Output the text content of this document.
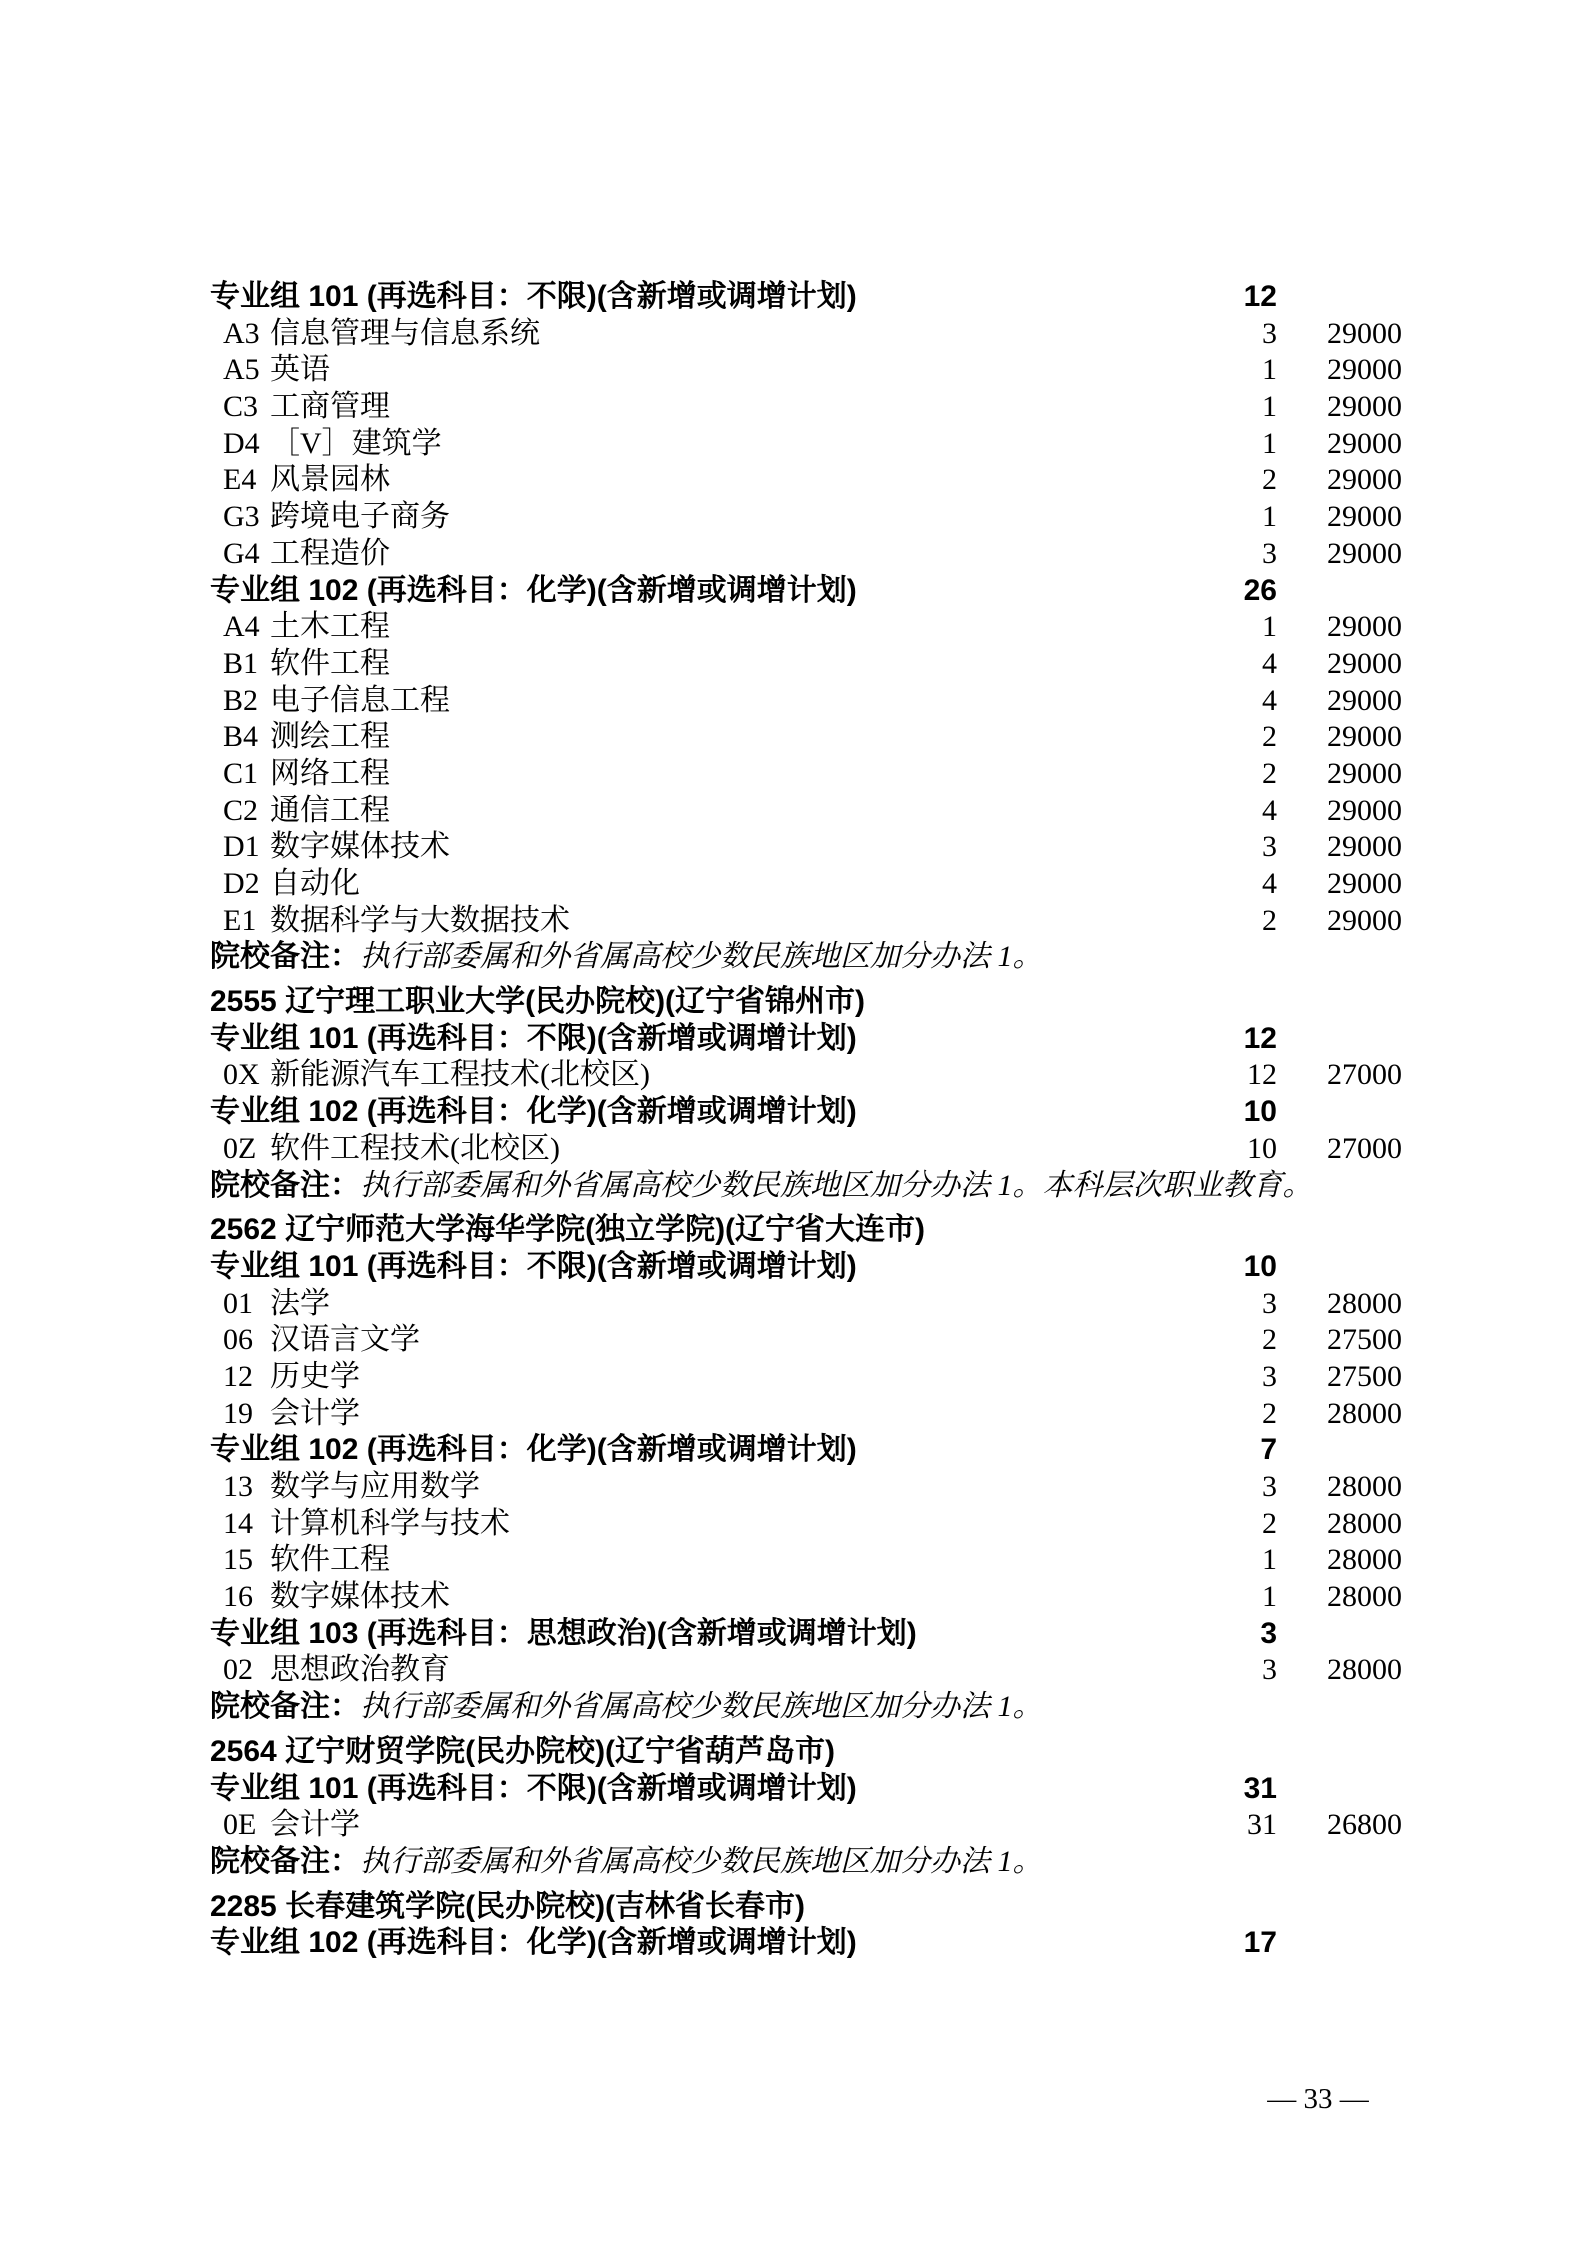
专业组 101 (再选科目：不限)(含新增或调增计划)	12
A3 信息管理与信息系统	3	29000
A5 英语	1	29000
C3 工商管理	1	29000
D4 ［V］建筑学	1	29000
E4 风景园林	2	29000
G3 跨境电子商务	1	29000
G4 工程造价	3	29000
专业组 102 (再选科目：化学)(含新增或调增计划)	26
A4 土木工程	1	29000
B1 软件工程	4	29000
B2 电子信息工程	4	29000
B4 测绘工程	2	29000
C1 网络工程	2	29000
C2 通信工程	4	29000
D1 数字媒体技术	3	29000
D2 自动化	4	29000
E1 数据科学与大数据技术	2	29000
院校备注：执行部委属和外省属高校少数民族地区加分办法 1。
2555 辽宁理工职业大学(民办院校)(辽宁省锦州市)
专业组 101 (再选科目：不限)(含新增或调增计划)	12
0X 新能源汽车工程技术(北校区)	12	27000
专业组 102 (再选科目：化学)(含新增或调增计划)	10
0Z 软件工程技术(北校区)	10	27000
院校备注：执行部委属和外省属高校少数民族地区加分办法 1。本科层次职业教育。
2562 辽宁师范大学海华学院(独立学院)(辽宁省大连市)
专业组 101 (再选科目：不限)(含新增或调增计划)	10
01 法学	3	28000
06 汉语言文学	2	27500
12 历史学	3	27500
19 会计学	2	28000
专业组 102 (再选科目：化学)(含新增或调增计划)	7
13 数学与应用数学	3	28000
14 计算机科学与技术	2	28000
15 软件工程	1	28000
16 数字媒体技术	1	28000
专业组 103 (再选科目：思想政治)(含新增或调增计划)	3
02 思想政治教育	3	28000
院校备注：执行部委属和外省属高校少数民族地区加分办法 1。
2564 辽宁财贸学院(民办院校)(辽宁省葫芦岛市)
专业组 101 (再选科目：不限)(含新增或调增计划)	31
0E 会计学	31	26800
院校备注：执行部委属和外省属高校少数民族地区加分办法 1。
2285 长春建筑学院(民办院校)(吉林省长春市)
专业组 102 (再选科目：化学)(含新增或调增计划)	17
— 33 —
